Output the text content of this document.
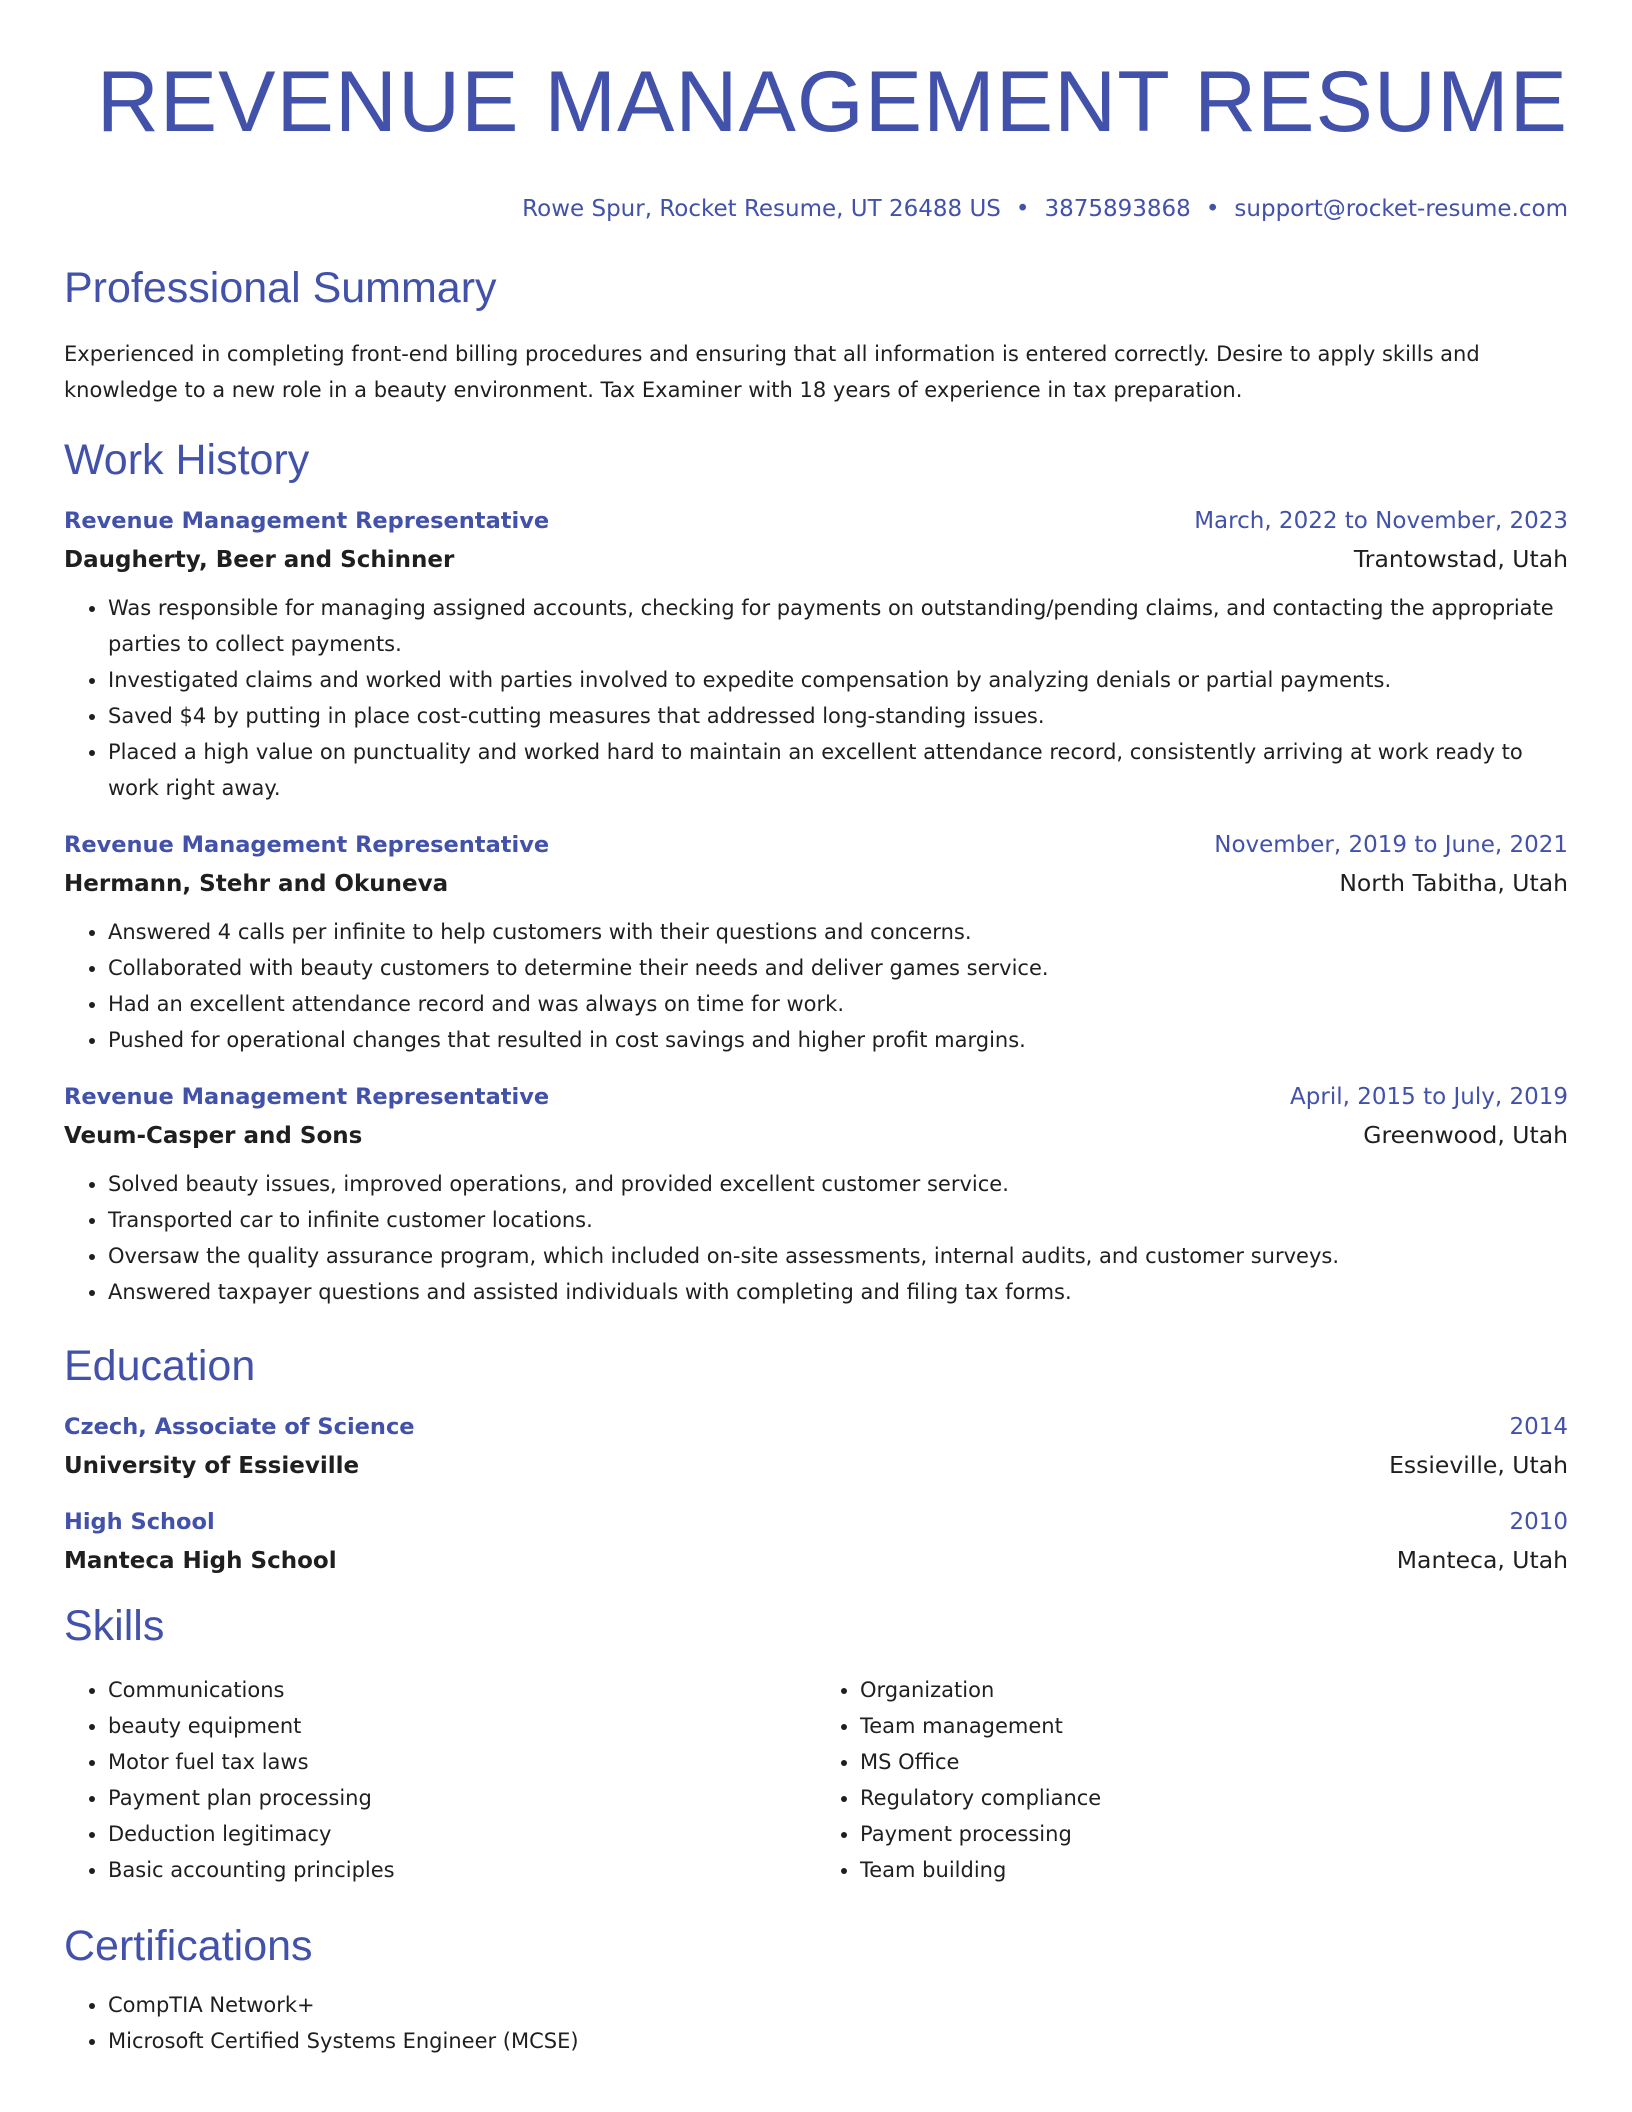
REVENUE MANAGEMENT RESUME
Rowe Spur, Rocket Resume, UT 26488 US • 3875893868 • support@rocket-resume.com
Professional Summary
Experienced in completing front-end billing procedures and ensuring that all information is entered correctly. Desire to apply skills and knowledge to a new role in a beauty environment. Tax Examiner with 18 years of experience in tax preparation.
Work History
Revenue Management Representative	March, 2022 to November, 2023
Daugherty, Beer and Schinner	Trantowstad, Utah
• Was responsible for managing assigned accounts, checking for payments on outstanding/pending claims, and contacting the appropriate parties to collect payments.
• Investigated claims and worked with parties involved to expedite compensation by analyzing denials or partial payments.
• Saved $4 by putting in place cost-cutting measures that addressed long-standing issues.
• Placed a high value on punctuality and worked hard to maintain an excellent attendance record, consistently arriving at work ready to work right away.
Revenue Management Representative	November, 2019 to June, 2021
Hermann, Stehr and Okuneva	North Tabitha, Utah
• Answered 4 calls per infinite to help customers with their questions and concerns.
• Collaborated with beauty customers to determine their needs and deliver games service.
• Had an excellent attendance record and was always on time for work.
• Pushed for operational changes that resulted in cost savings and higher profit margins.
Revenue Management Representative	April, 2015 to July, 2019
Veum-Casper and Sons	Greenwood, Utah
• Solved beauty issues, improved operations, and provided excellent customer service.
• Transported car to infinite customer locations.
• Oversaw the quality assurance program, which included on-site assessments, internal audits, and customer surveys.
• Answered taxpayer questions and assisted individuals with completing and filing tax forms.
Education
Czech, Associate of Science	2014
University of Essieville	Essieville, Utah
High School	2010
Manteca High School	Manteca, Utah
Skills
• Communications
• beauty equipment
• Motor fuel tax laws
• Payment plan processing
• Deduction legitimacy
• Basic accounting principles
• Organization
• Team management
• MS Office
• Regulatory compliance
• Payment processing
• Team building
Certifications
• CompTIA Network+
• Microsoft Certified Systems Engineer (MCSE)
